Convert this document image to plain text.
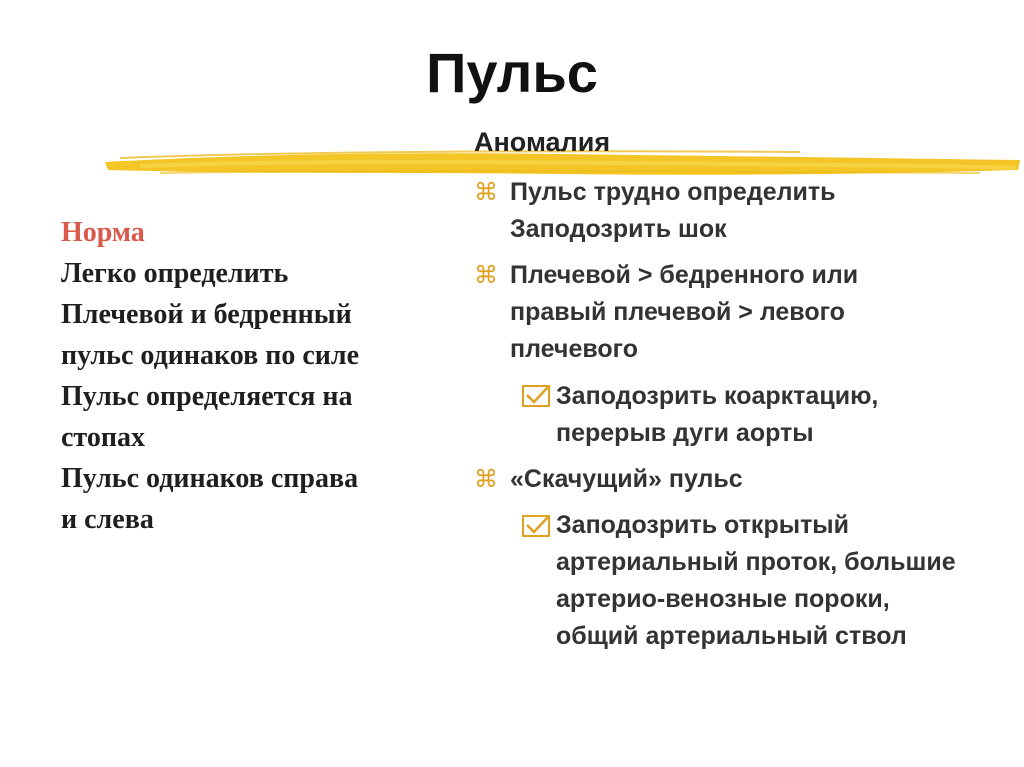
Пульс
Аномалия
Норма
Легко определить
Плечевой и бедренный
пульс одинаков по силе
Пульс определяется на
стопах
Пульс одинаков справа
и слева
⌘ Пульс трудно определить
Заподозрить шок
⌘ Плечевой > бедренного или
правый плечевой > левого
плечевого
Заподозрить коарктацию,
перерыв дуги аорты
⌘ «Скачущий» пульс
Заподозрить открытый
артериальный проток, большие
артерио-венозные пороки,
общий артериальный ствол
